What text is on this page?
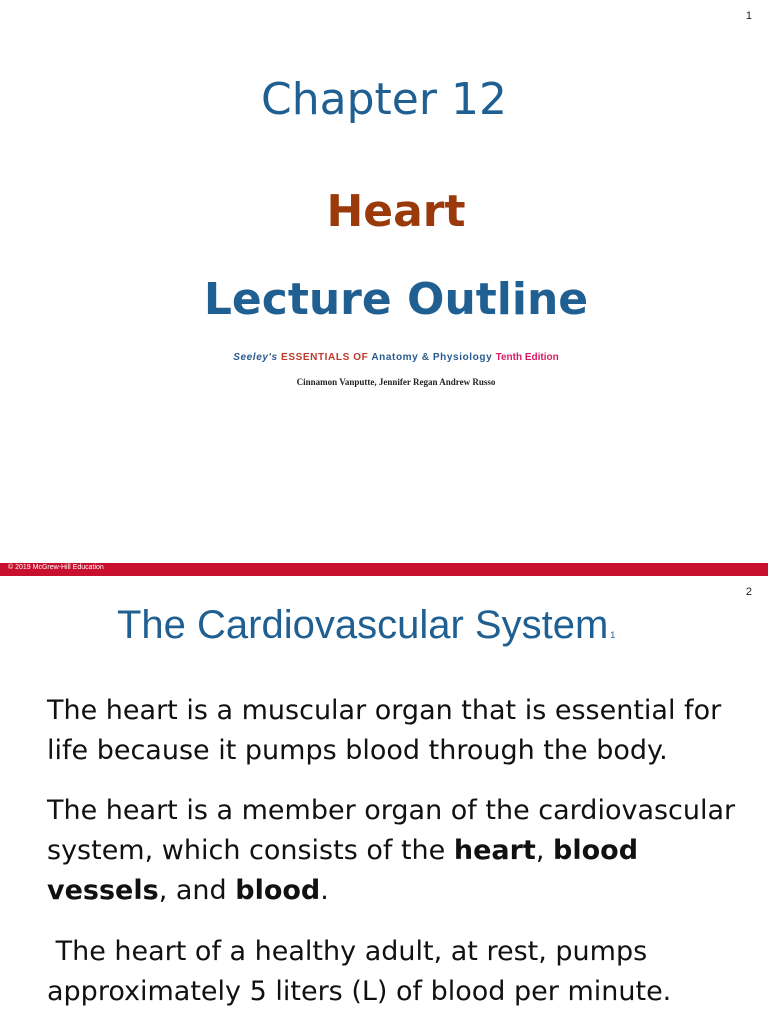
1
Chapter 12
Heart
Lecture Outline
Seeley's ESSENTIALS OF Anatomy & Physiology Tenth Edition
Cinnamon Vanputte, Jennifer Regan Andrew Russo
© 2019 McGrew-Hill Education
2
The Cardiovascular System 1
The heart is a muscular organ that is essential for life because it pumps blood through the body.
The heart is a member organ of the cardiovascular system, which consists of the heart, blood vessels, and blood.
The heart of a healthy adult, at rest, pumps approximately 5 liters (L) of blood per minute.
